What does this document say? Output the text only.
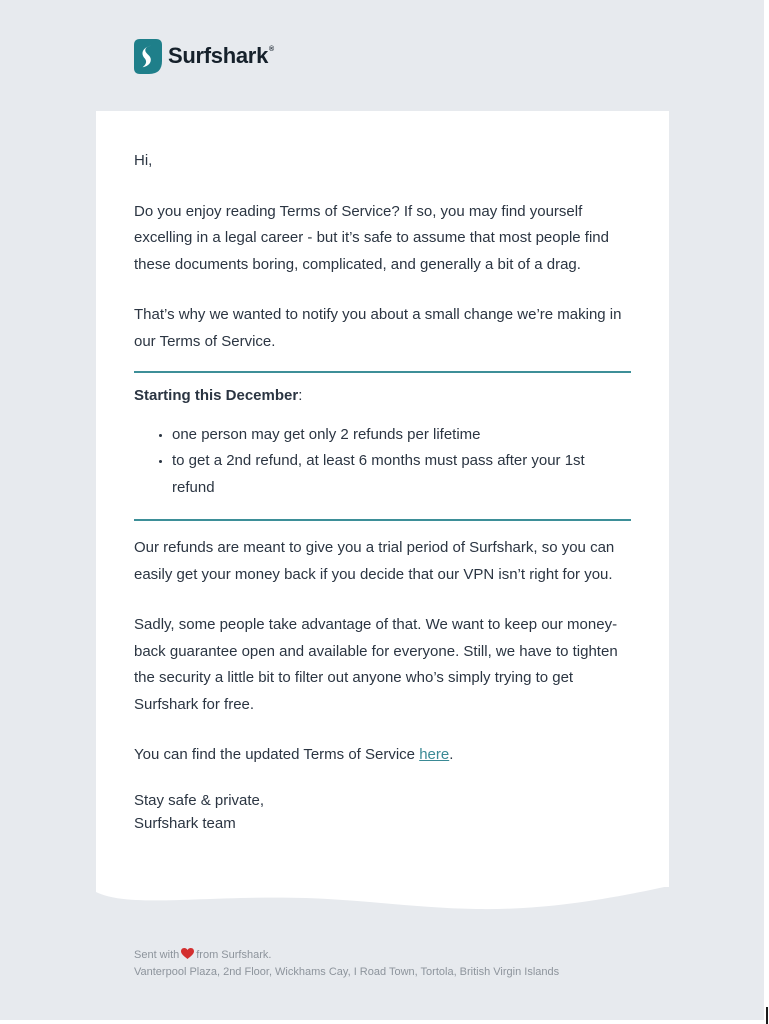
Surfshark®

Hi,

Do you enjoy reading Terms of Service? If so, you may find yourself excelling in a legal career - but it’s safe to assume that most people find these documents boring, complicated, and generally a bit of a drag.

That’s why we wanted to notify you about a small change we’re making in our Terms of Service.

Starting this December:

• one person may get only 2 refunds per lifetime
• to get a 2nd refund, at least 6 months must pass after your 1st refund

Our refunds are meant to give you a trial period of Surfshark, so you can easily get your money back if you decide that our VPN isn’t right for you.

Sadly, some people take advantage of that. We want to keep our money-back guarantee open and available for everyone. Still, we have to tighten the security a little bit to filter out anyone who’s simply trying to get Surfshark for free.

You can find the updated Terms of Service here.

Stay safe & private,
Surfshark team
Sent with from Surfshark.
Vanterpool Plaza, 2nd Floor, Wickhams Cay, I Road Town, Tortola, British Virgin Islands
